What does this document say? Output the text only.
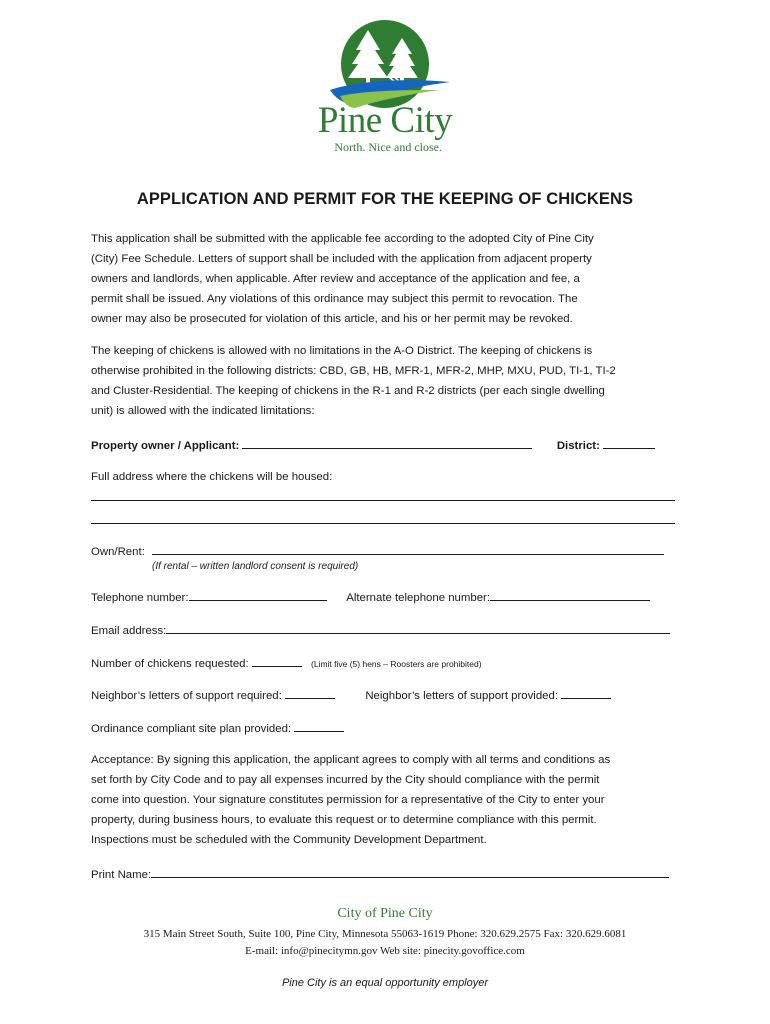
Pine City
North. Nice and close.
APPLICATION AND PERMIT FOR THE KEEPING OF CHICKENS
This application shall be submitted with the applicable fee according to the adopted City of Pine City
(City) Fee Schedule. Letters of support shall be included with the application from adjacent property
owners and landlords, when applicable. After review and acceptance of the application and fee, a
permit shall be issued. Any violations of this ordinance may subject this permit to revocation. The
owner may also be prosecuted for violation of this article, and his or her permit may be revoked.
The keeping of chickens is allowed with no limitations in the A-O District. The keeping of chickens is
otherwise prohibited in the following districts: CBD, GB, HB, MFR-1, MFR-2, MHP, MXU, PUD, TI-1, TI-2
and Cluster-Residential. The keeping of chickens in the R-1 and R-2 districts (per each single dwelling
unit) is allowed with the indicated limitations:
Property owner / Applicant:	District:
Full address where the chickens will be housed:
Own/Rent:
(If rental – written landlord consent is required)
Telephone number:	Alternate telephone number:
Email address:
Number of chickens requested:	(Limit five (5) hens – Roosters are prohibited)
Neighbor’s letters of support required:	Neighbor’s letters of support provided:
Ordinance compliant site plan provided:
Acceptance: By signing this application, the applicant agrees to comply with all terms and conditions as
set forth by City Code and to pay all expenses incurred by the City should compliance with the permit
come into question. Your signature constitutes permission for a representative of the City to enter your
property, during business hours, to evaluate this request or to determine compliance with this permit.
Inspections must be scheduled with the Community Development Department.
Print Name:
City of Pine City
315 Main Street South, Suite 100, Pine City, Minnesota 55063-1619 Phone: 320.629.2575 Fax: 320.629.6081
E-mail: info@pinecitymn.gov Web site: pinecity.govoffice.com
Pine City is an equal opportunity employer
